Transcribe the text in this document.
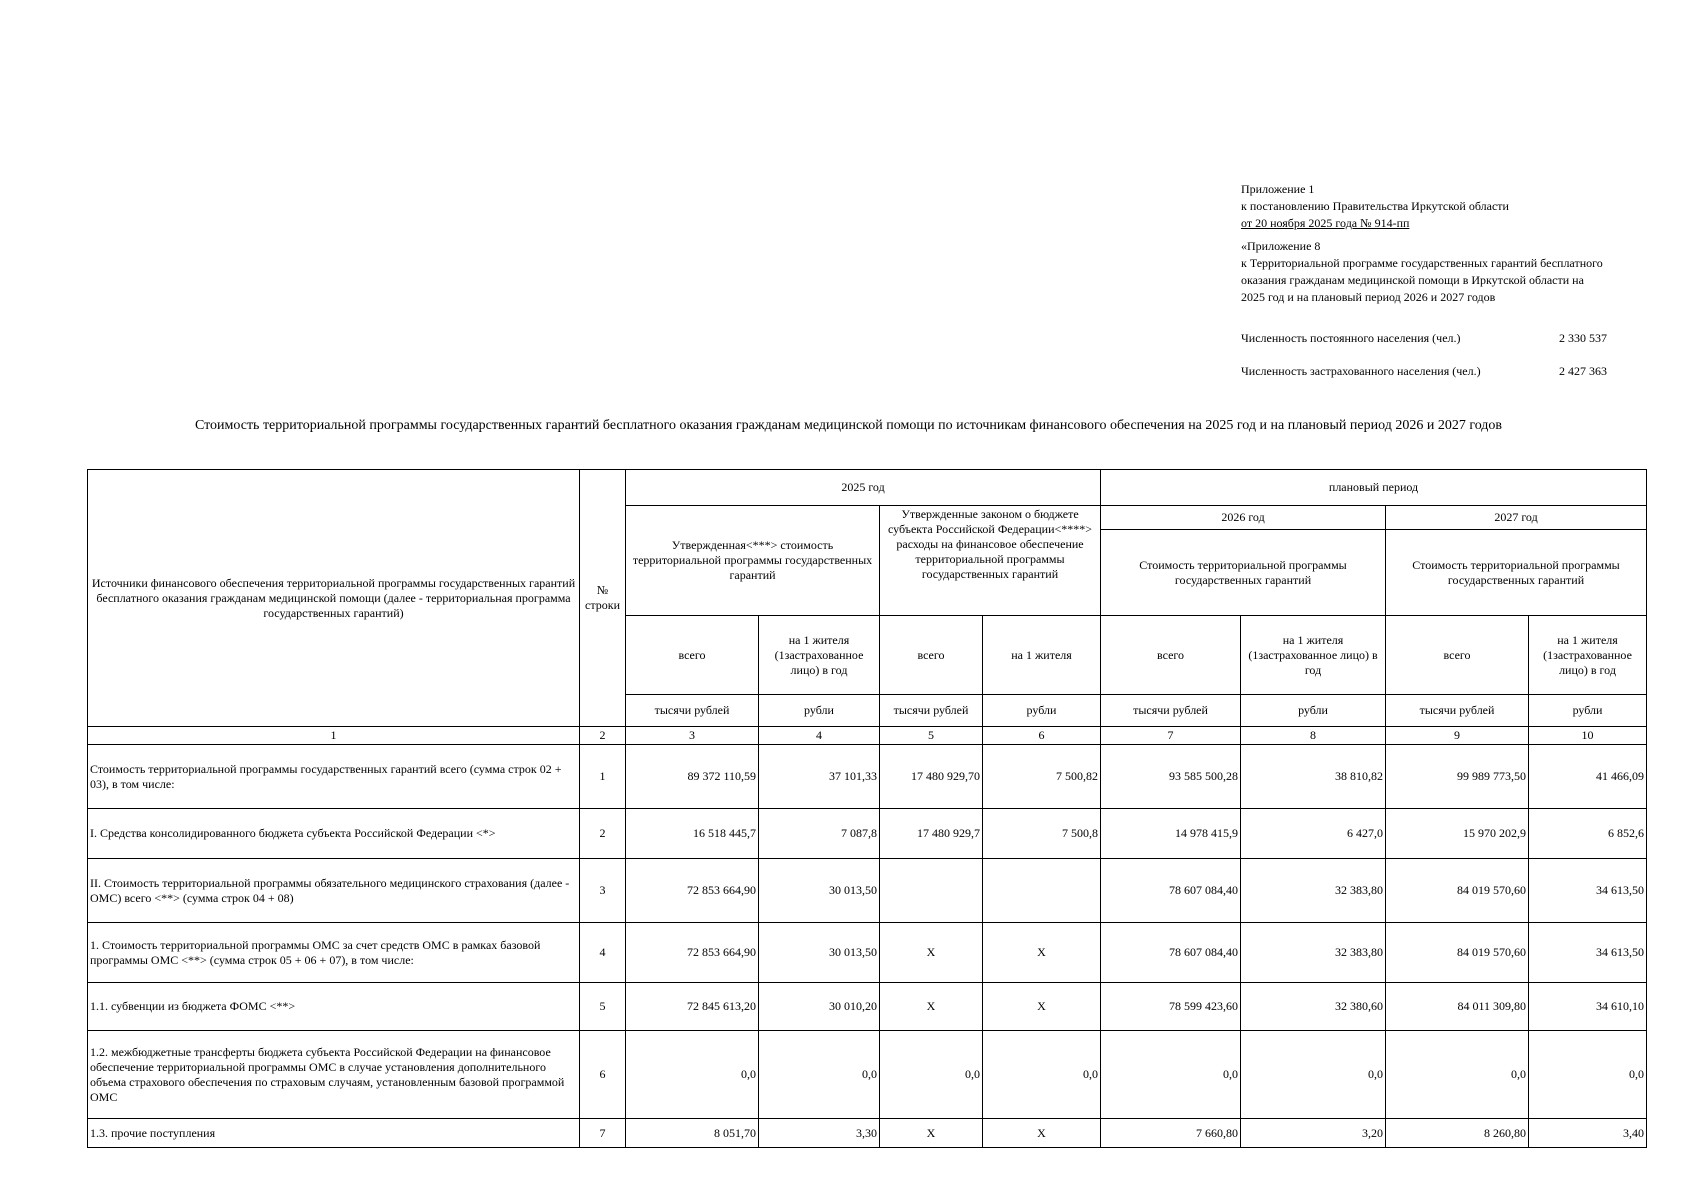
Приложение 1
к постановлению Правительства Иркутской области
от 20 ноября 2025 года № 914-пп
«Приложение 8
к Территориальной программе государственных гарантий бесплатного
оказания гражданам медицинской помощи в Иркутской области на
2025 год и на плановый период 2026 и 2027 годов
Численность постоянного населения (чел.)	2 330 537
Численность застрахованного населения (чел.)	2 427 363
Стоимость территориальной программы государственных гарантий бесплатного оказания гражданам медицинской помощи по источникам финансового обеспечения на 2025 год и на плановый период 2026 и 2027 годов
Источники финансового обеспечения территориальной программы государственных гарантий бесплатного оказания гражданам медицинской помощи (далее - территориальная программа государственных гарантий)	№ строки	2025 год				плановый период			
		Утвержденная<***> стоимость территориальной программы государственных гарантий		Утвержденные законом о бюджете субъекта Российской Федерации<****> расходы на финансовое обеспечение территориальной программы государственных гарантий		2026 год		2027 год	
						Стоимость территориальной программы государственных гарантий		Стоимость территориальной программы государственных гарантий	
		всего	на 1 жителя (1застрахованное лицо) в год	всего	на 1 жителя	всего	на 1 жителя (1застрахованное лицо) в год	всего	на 1 жителя (1застрахованное лицо) в год
		тысячи рублей	рубли	тысячи рублей	рубли	тысячи рублей	рубли	тысячи рублей	рубли
1	2	3	4	5	6	7	8	9	10
Стоимость территориальной программы государственных гарантий всего (сумма строк 02 + 03), в том числе:	1	89 372 110,59	37 101,33	17 480 929,70	7 500,82	93 585 500,28	38 810,82	99 989 773,50	41 466,09
I. Средства консолидированного бюджета субъекта Российской Федерации <*>	2	16 518 445,7	7 087,8	17 480 929,7	7 500,8	14 978 415,9	6 427,0	15 970 202,9	6 852,6
II. Стоимость территориальной программы обязательного медицинского страхования (далее - ОМС) всего <**> (сумма строк 04 + 08)	3	72 853 664,90	30 013,50			78 607 084,40	32 383,80	84 019 570,60	34 613,50
1. Стоимость территориальной программы ОМС за счет средств ОМС в рамках базовой программы ОМС <**> (сумма строк 05 + 06 + 07), в том числе:	4	72 853 664,90	30 013,50	X	X	78 607 084,40	32 383,80	84 019 570,60	34 613,50
1.1. субвенции из бюджета ФОМС <**>	5	72 845 613,20	30 010,20	X	X	78 599 423,60	32 380,60	84 011 309,80	34 610,10
1.2. межбюджетные трансферты бюджета субъекта Российской Федерации на финансовое обеспечение территориальной программы ОМС в случае установления дополнительного объема страхового обеспечения по страховым случаям, установленным базовой программой ОМС	6	0,0	0,0	0,0	0,0	0,0	0,0	0,0	0,0
1.3. прочие поступления	7	8 051,70	3,30	X	X	7 660,80	3,20	8 260,80	3,40
